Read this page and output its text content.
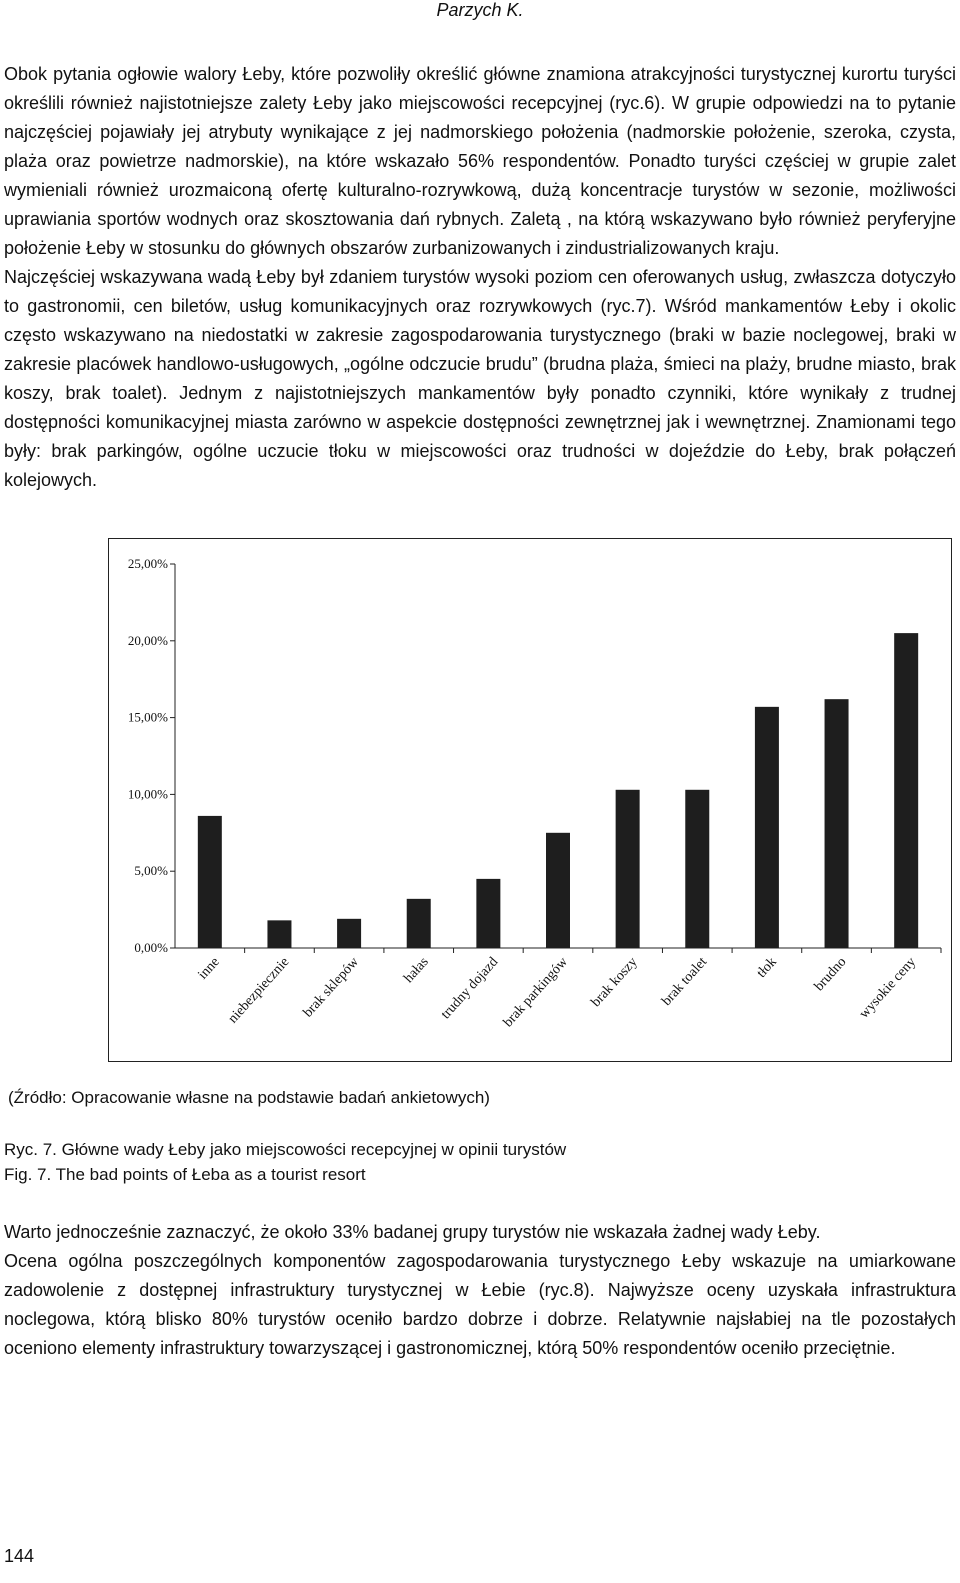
Parzych K.

Obok pytania ogłowie walory Łeby, które pozwoliły określić główne znamiona atrakcyjności turystycznej kurortu turyści określili również najistotniejsze zalety Łeby jako miejscowości recepcyjnej (ryc.6). W grupie odpowiedzi na to pytanie najczęściej pojawiały jej atrybuty wynikające z jej nadmorskiego położenia (nadmorskie położenie, szeroka, czysta, plaża oraz powietrze nadmorskie), na które wskazało 56% respondentów. Ponadto turyści częściej w grupie zalet wymieniali również urozmaiconą ofertę kulturalno-rozrywkową, dużą koncentracje turystów w sezonie, możliwości uprawiania sportów wodnych oraz skosztowania dań rybnych. Zaletą , na którą wskazywano było również peryferyjne położenie Łeby w stosunku do głównych obszarów zurbanizowanych i zindustrializowanych kraju.

Najczęściej wskazywana wadą Łeby był zdaniem turystów wysoki poziom cen oferowanych usług, zwłaszcza dotyczyło to gastronomii, cen biletów, usług komunikacyjnych oraz rozrywkowych (ryc.7). Wśród mankamentów Łeby i okolic często wskazywano na niedostatki w zakresie zagospodarowania turystycznego (braki w bazie noclegowej, braki w zakresie placówek handlowo-usługowych, „ogólne odczucie brudu” (brudna plaża, śmieci na plaży, brudne miasto, brak koszy, brak toalet). Jednym z najistotniejszych mankamentów były ponadto czynniki, które wynikały z trudnej dostępności komunikacyjnej miasta zarówno w aspekcie dostępności zewnętrznej jak i wewnętrznej. Znamionami tego były: brak parkingów, ogólne uczucie tłoku w miejscowości oraz trudności w dojeździe do Łeby, brak połączeń kolejowych.

0,00%
5,00%
10,00%
15,00%
20,00%
25,00%
inne niebezpiecznie brak sklepów	hałas trudny dojazd brak parkingów brak koszy brak toalet	tłok brudno wysokie ceny
(Źródło: Opracowanie własne na podstawie badań ankietowych)
Ryc. 7. Główne wady Łeby jako miejscowości recepcyjnej w opinii turystów
Fig. 7. The bad points of Łeba as a tourist resort

Warto jednocześnie zaznaczyć, że około 33% badanej grupy turystów nie wskazała żadnej wady Łeby.

Ocena ogólna poszczególnych komponentów zagospodarowania turystycznego Łeby wskazuje na umiarkowane zadowolenie z dostępnej infrastruktury turystycznej w Łebie (ryc.8). Najwyższe oceny uzyskała infrastruktura noclegowa, którą blisko 80% turystów oceniło bardzo dobrze i dobrze. Relatywnie najsłabiej na tle pozostałych oceniono elementy infrastruktury towarzyszącej i gastronomicznej, którą 50% respondentów oceniło przeciętnie.

144
